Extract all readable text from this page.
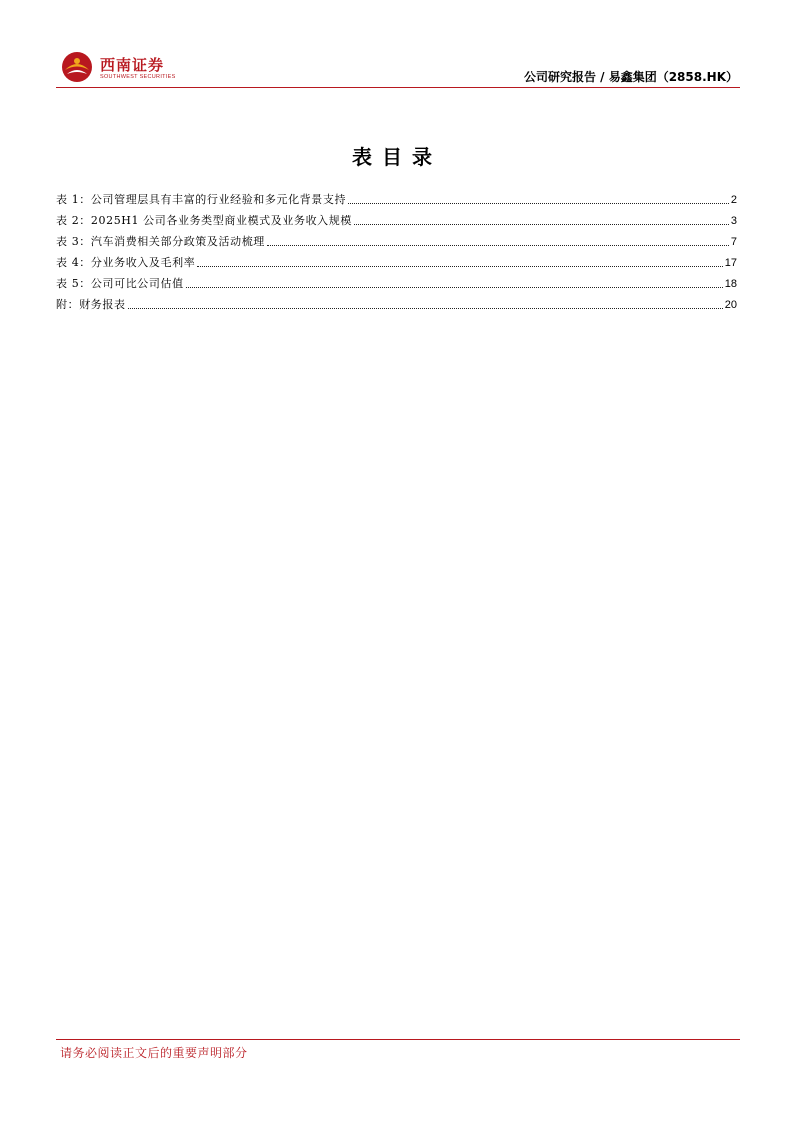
西南证券
SOUTHWEST SECURITIES	公司研究报告 / 易鑫集团（2858.HK）
表目录
表 1：公司管理层具有丰富的行业经验和多元化背景支持	2
表 2：2025H1 公司各业务类型商业模式及业务收入规模	3
表 3：汽车消费相关部分政策及活动梳理	7
表 4：分业务收入及毛利率	17
表 5：公司可比公司估值	18
附：财务报表	20
请务必阅读正文后的重要声明部分
